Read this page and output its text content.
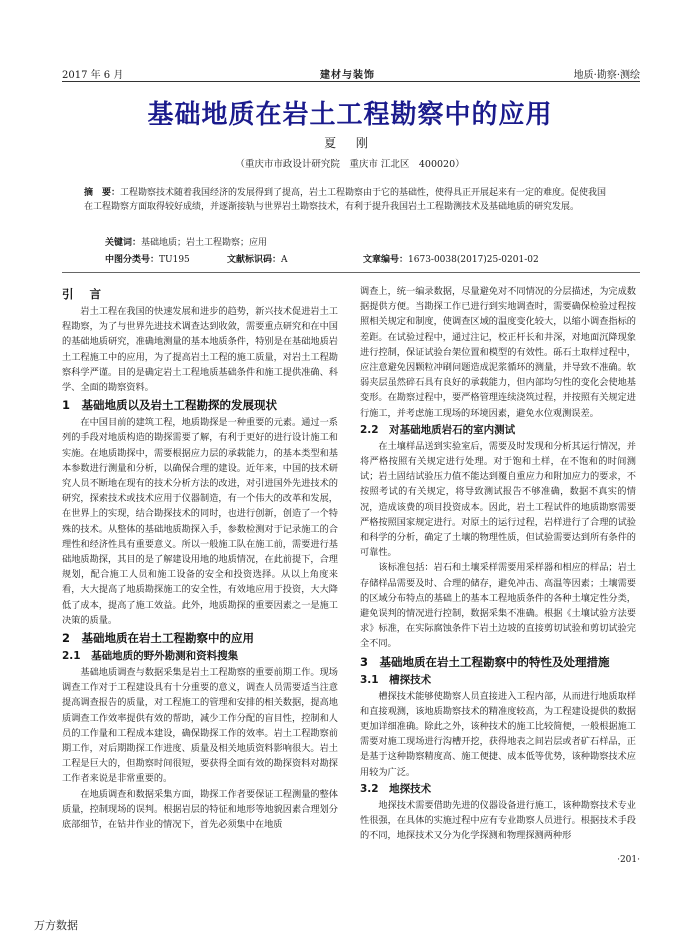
2017 年 6 月	建材与装饰	地质·勘察·测绘
基础地质在岩土工程勘察中的应用
夏 刚
（重庆市市政设计研究院　重庆市 江北区　400020）
摘　要：工程勘察技术随着我国经济的发展得到了提高，岩土工程勘察由于它的基础性，使得具正开展起来有一定的难度。促使我国在工程勘察方面取得较好成绩，并逐渐接轨与世界岩土勘察技术，有利于提升我国岩土工程勘测技术及基础地质的研究发展。
关键词：基础地质；岩土工程勘察；应用
中图分类号：TU195	文献标识码：A	文章编号：1673-0038(2017)25-0201-02
引 言

岩土工程在我国的快速发展和进步的趋势，新兴技术促进岩土工程勘察，为了与世界先进技术调查达到收敛，需要重点研究和在中国的基础地质研究，准确地测量的基本地质条件，特别是在基础地质岩土工程施工中的应用，为了提高岩土工程的施工质量，对岩土工程勘察科学严谨。目的是确定岩土工程地质基础条件和施工提供准确、科学、全面的勘察资料。

1　基础地质以及岩土工程勘探的发展现状

在中国目前的建筑工程，地质勘探是一种重要的元素。通过一系列的手段对地质构造的勘探需要了解，有利于更好的进行设计施工和实施。在地质勘探中，需要根据应力层的承载能力，的基本类型和基本参数进行测量和分析，以确保合理的建设。近年来，中国的技术研究人员不断地在现有的技术分析方法的改进，对引进国外先进技术的研究，探索技术或技术应用于仪器制造，有一个伟大的改革和发展，在世界上的实现，结合勘探技术的同时，也进行创新，创造了一个特殊的技术。从整体的基础地质勘探入手，参数检测对于记录施工的合理性和经济性具有重要意义。所以一般施工队在施工前，需要进行基础地质勘探，其目的是了解建设用地的地质情况，在此前提下，合理规划，配合施工人员和施工设备的安全和投资选择。从以上角度来看，大大提高了地质勘探施工的安全性，有效地应用于投资，大大降低了成本，提高了施工效益。此外，地质勘探的重要因素之一是施工决策的质量。

2　基础地质在岩土工程勘察中的应用
2.1　基础地质的野外勘测和资料搜集

基础地质调查与数据采集是岩土工程勘察的重要前期工作。现场调查工作对于工程建设具有十分重要的意义，调查人员需要适当注意提高调查报告的质量，对工程施工的管理和安排的相关数据，提高地质调查工作效率提供有效的帮助，减少工作分配的盲目性，控制和人员的工作量和工程成本建设，确保勘探工作的效率。岩土工程勘察前期工作，对后期勘探工作进度、质量及相关地质资料影响很大。岩土工程是巨大的，但勘察时间很短，要获得全面有效的勘探资料对勘探工作者来说是非常重要的。

在地质调查和数据采集方面，勘探工作者要保证工程测量的整体质量，控制现场的误判。根据岩层的特征和地形等地貌因素合理划分底部细节，在钻井作业的情况下，首先必须集中在地质

调查上，统一编录数据，尽量避免对不同情况的分层描述，为完成数据提供方便。当勘探工作已进行到实地调查时，需要确保检验过程按照相关规定和制度，使调查区域的温度变化较大，以缩小调查指标的差距。在试验过程中，通过注记，校正杆长和井深，对地面沉降现象进行控制，保证试验台架位置和模型的有效性。砾石土取样过程中，应注意避免因颗粒冲刷问题造成泥浆循环的测量，并导致不准确。软弱夹层虽然碎石具有良好的承载能力，但内部均匀性的变化会使地基变形。在勘察过程中，要严格管理连续浇筑过程，并按照有关规定进行施工，并考虑施工现场的环境因素，避免水位观测误差。

2.2　对基础地质岩石的室内测试

在土壤样品送到实验室后，需要及时发现和分析其运行情况，并将严格按照有关规定进行处理。对于饱和土样，在不饱和的时间测试；岩土固结试验压力值不能达到覆自重应力和附加应力的要求，不按照考试的有关规定，将导致测试报告不够准确，数据不真实的情况，造成该费的项目投资成本。因此，岩土工程试件的地质勘察需要严格按照国家规定进行。对原土的运行过程，岩样进行了合理的试验和科学的分析，确定了土壤的物理性质，但试验需要达到所有条件的可靠性。

该标准包括：岩石和土壤采样需要用采样器和相应的样品；岩土存储样品需要及时、合理的储存，避免冲击、高温等因素；土壤需要的区域分布特点的基础上的基本工程地质条件的各种土壤定性分类，避免误判的情况进行控制，数据采集不准确。根据《土壤试验方法要求》标准，在实际腐蚀条件下岩土边坡的直接剪切试验和剪切试验完全不同。

3　基础地质在岩土工程勘察中的特性及处理措施
3.1　槽探技术

槽探技术能够使勘察人员直接进入工程内部，从而进行地质取样和直接观测，该地质勘察技术的精准度较高，为工程建设提供的数据更加详细准确。除此之外，该种技术的施工比较简便，一般根据施工需要对施工现场进行沟槽开挖，获得地表之间岩层或者矿石样品，正是基于这种勘察精度高、施工便捷、成本低等优势，该种勘察技术应用较为广泛。

3.2　地探技术

地探技术需要借助先进的仪器设备进行施工，该种勘察技术专业性很强，在具体的实施过程中应有专业勘察人员进行。根据技术手段的不同，地探技术又分为化学探测和物理探测两种形

·201·
万方数据
